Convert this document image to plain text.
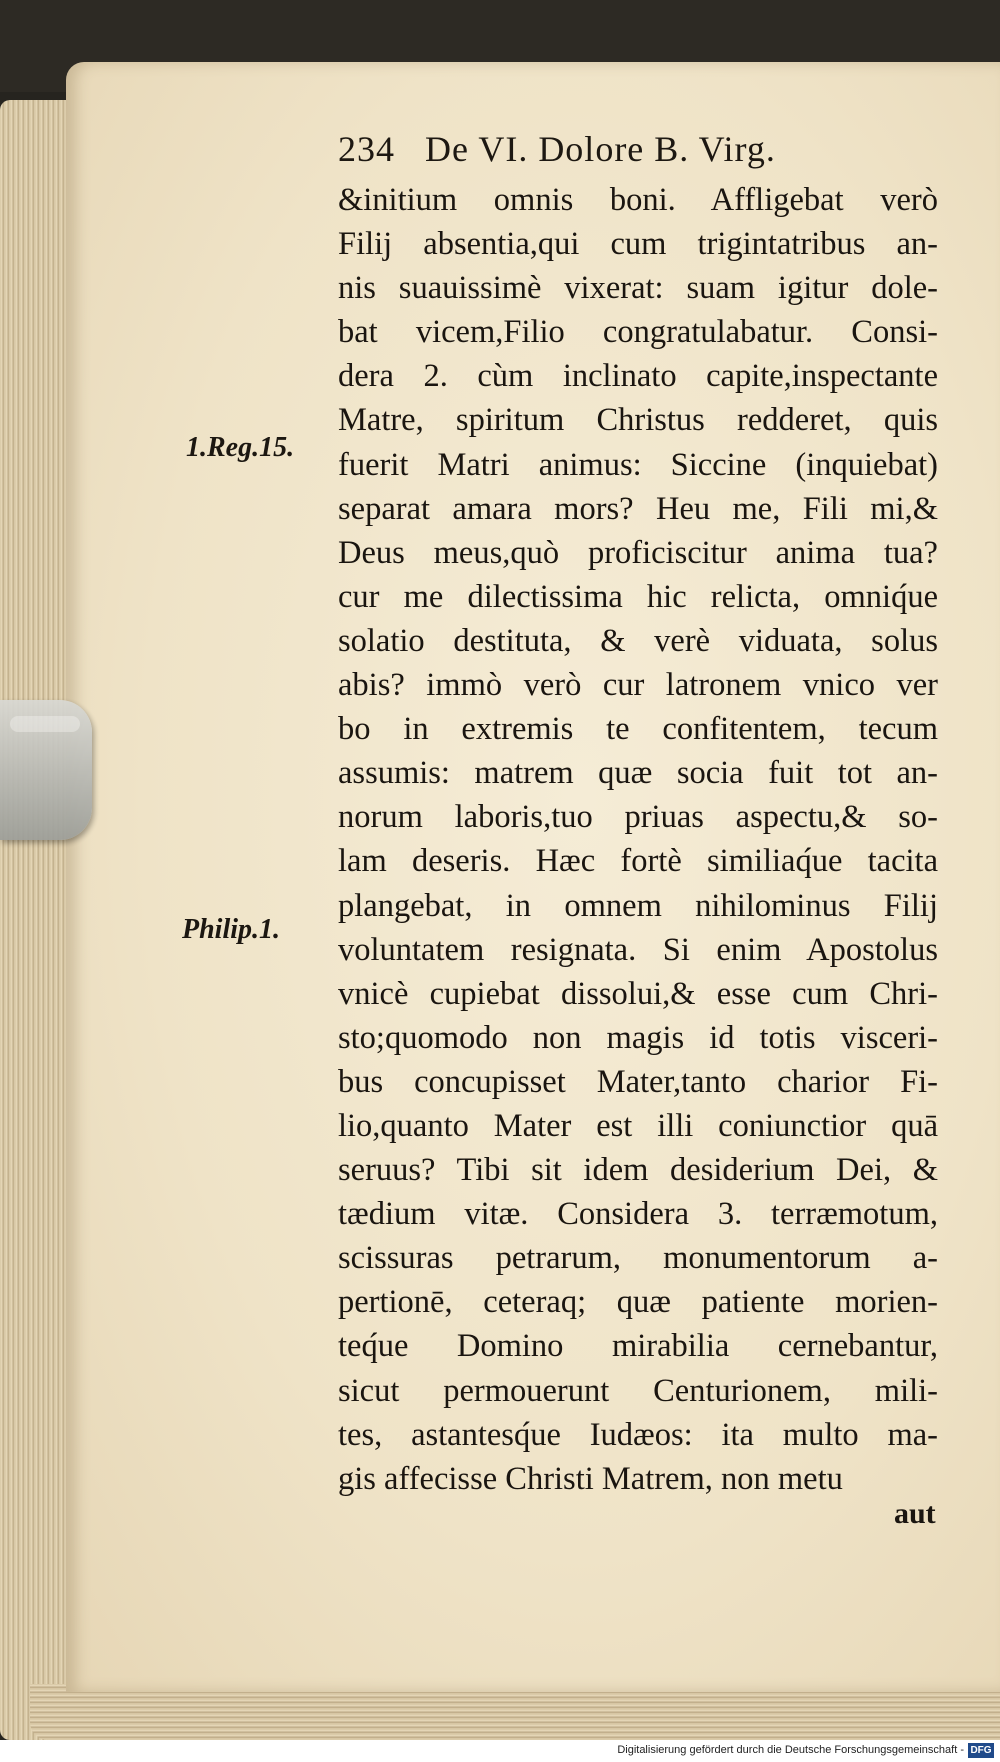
234 De VI. Dolore B. Virg.
1.Reg.15.
Philip.1.
&initium omnis boni. Affligebat verò
Filij absentia,qui cum trigintatribus an-
nis suauissimè vixerat: suam igitur dole-
bat vicem,Filio congratulabatur. Consi-
dera 2. cùm inclinato capite,inspectante
Matre, spiritum Christus redderet, quis
fuerit Matri animus: Siccine (inquiebat)
separat amara mors? Heu me, Fili mi,&
Deus meus,quò proficiscitur anima tua?
cur me dilectissima hic relicta, omniq́ue
solatio destituta, & verè viduata, solus
abis? immò verò cur latronem vnico ver
bo in extremis te confitentem, tecum
assumis: matrem quæ socia fuit tot an-
norum laboris,tuo priuas aspectu,& so-
lam deseris. Hæc fortè similiaq́ue tacita
plangebat, in omnem nihilominus Filij
voluntatem resignata. Si enim Apostolus
vnicè cupiebat dissolui,& esse cum Chri-
sto;quomodo non magis id totis visceri-
bus concupisset Mater,tanto charior Fi-
lio,quanto Mater est illi coniunctior quā
seruus? Tibi sit idem desiderium Dei, &
tædium vitæ. Considera 3. terræmotum,
scissuras petrarum, monumentorum a-
pertionē, ceteraq; quæ patiente morien-
teq́ue Domino mirabilia cernebantur,
sicut permouerunt Centurionem, mili-
tes, astantesq́ue Iudæos: ita multo ma-
gis affecisse Christi Matrem, non metu
aut
Digitalisierung gefördert durch die Deutsche Forschungsgemeinschaft - DFG
